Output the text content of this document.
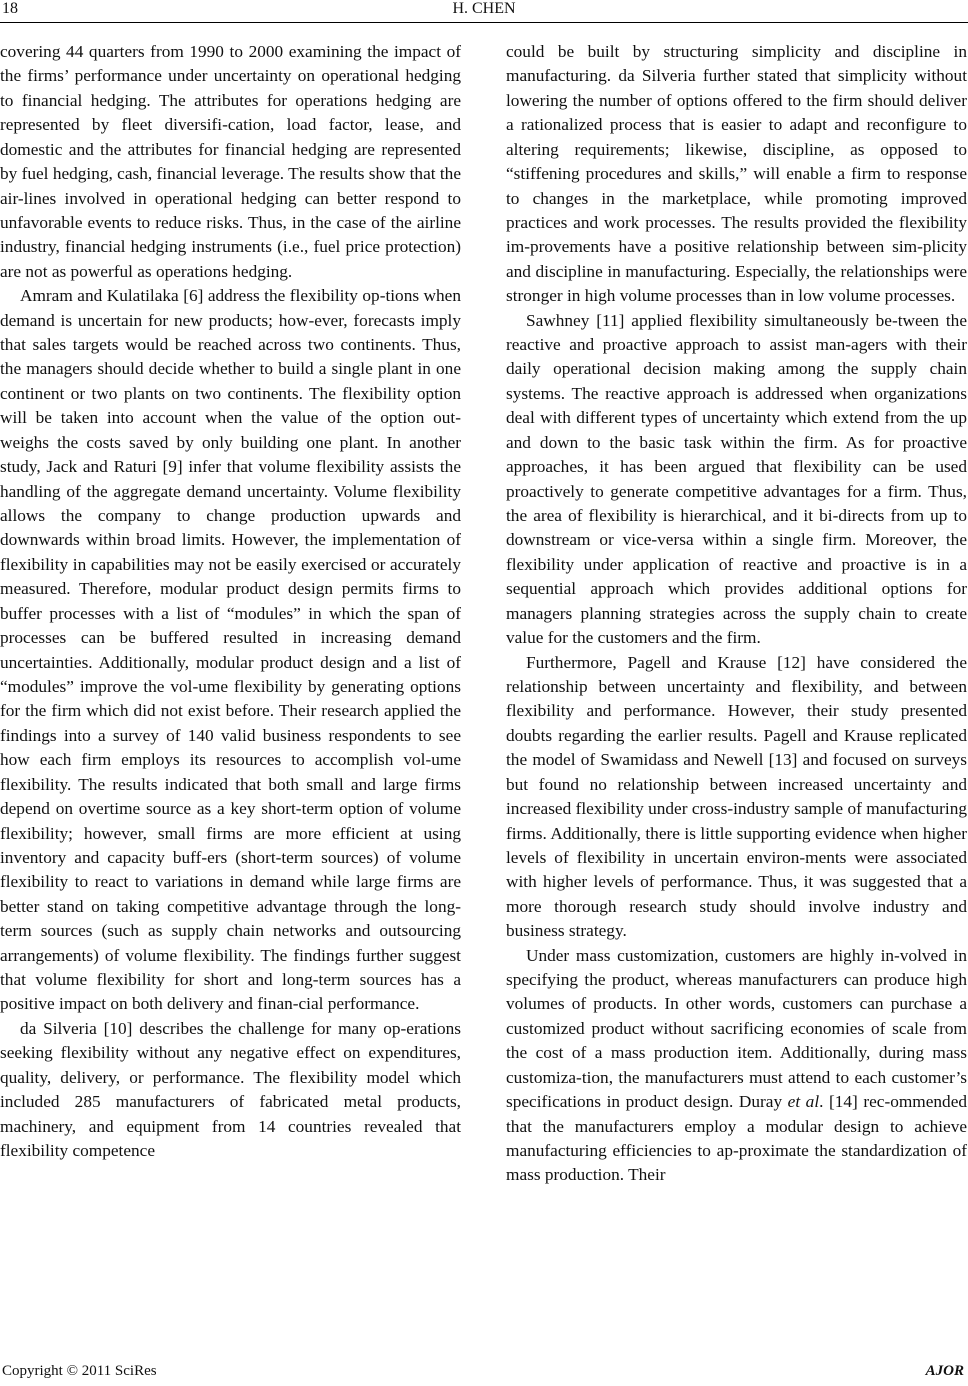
18	H. CHEN

covering 44 quarters from 1990 to 2000 examining the impact of the firms’ performance under uncertainty on operational hedging to financial hedging. The attributes for operations hedging are represented by fleet diversifi-cation, load factor, lease, and domestic and the attributes for financial hedging are represented by fuel hedging, cash, financial leverage. The results show that the air-lines involved in operational hedging can better respond to unfavorable events to reduce risks. Thus, in the case of the airline industry, financial hedging instruments (i.e., fuel price protection) are not as powerful as operations hedging.

Amram and Kulatilaka [6] address the flexibility op-tions when demand is uncertain for new products; how-ever, forecasts imply that sales targets would be reached across two continents. Thus, the managers should decide whether to build a single plant in one continent or two plants on two continents. The flexibility option will be taken into account when the value of the option out-weighs the costs saved by only building one plant. In another study, Jack and Raturi [9] infer that volume flexibility assists the handling of the aggregate demand uncertainty. Volume flexibility allows the company to change production upwards and downwards within broad limits. However, the implementation of flexibility in capabilities may not be easily exercised or accurately measured. Therefore, modular product design permits firms to buffer processes with a list of “modules” in which the span of processes can be buffered resulted in increasing demand uncertainties. Additionally, modular product design and a list of “modules” improve the vol-ume flexibility by generating options for the firm which did not exist before. Their research applied the findings into a survey of 140 valid business respondents to see how each firm employs its resources to accomplish vol-ume flexibility. The results indicated that both small and large firms depend on overtime source as a key short-term option of volume flexibility; however, small firms are more efficient at using inventory and capacity buff-ers (short-term sources) of volume flexibility to react to variations in demand while large firms are better stand on taking competitive advantage through the long-term sources (such as supply chain networks and outsourcing arrangements) of volume flexibility. The findings further suggest that volume flexibility for short and long-term sources has a positive impact on both delivery and finan-cial performance.

da Silveria [10] describes the challenge for many op-erations seeking flexibility without any negative effect on expenditures, quality, delivery, or performance. The flexibility model which included 285 manufacturers of fabricated metal products, machinery, and equipment from 14 countries revealed that flexibility competence

could be built by structuring simplicity and discipline in manufacturing. da Silveria further stated that simplicity without lowering the number of options offered to the firm should deliver a rationalized process that is easier to adapt and reconfigure to altering requirements; likewise, discipline, as opposed to “stiffening procedures and skills,” will enable a firm to response to changes in the marketplace, while promoting improved practices and work processes. The results provided the flexibility im-provements have a positive relationship between sim-plicity and discipline in manufacturing. Especially, the relationships were stronger in high volume processes than in low volume processes.

Sawhney [11] applied flexibility simultaneously be-tween the reactive and proactive approach to assist man-agers with their daily operational decision making among the supply chain systems. The reactive approach is addressed when organizations deal with different types of uncertainty which extend from the up and down to the basic task within the firm. As for proactive approaches, it has been argued that flexibility can be used proactively to generate competitive advantages for a firm. Thus, the area of flexibility is hierarchical, and it bi-directs from up to downstream or vice-versa within a single firm. Moreover, the flexibility under application of reactive and proactive is in a sequential approach which provides additional options for managers planning strategies across the supply chain to create value for the customers and the firm.

Furthermore, Pagell and Krause [12] have considered the relationship between uncertainty and flexibility, and between flexibility and performance. However, their study presented doubts regarding the earlier results. Pagell and Krause replicated the model of Swamidass and Newell [13] and focused on surveys but found no relationship between increased uncertainty and increased flexibility under cross-industry sample of manufacturing firms. Additionally, there is little supporting evidence when higher levels of flexibility in uncertain environ-ments were associated with higher levels of performance. Thus, it was suggested that a more thorough research study should involve industry and business strategy.

Under mass customization, customers are highly in-volved in specifying the product, whereas manufacturers can produce high volumes of products. In other words, customers can purchase a customized product without sacrificing economies of scale from the cost of a mass production item. Additionally, during mass customiza-tion, the manufacturers must attend to each customer’s specifications in product design. Duray et al. [14] rec-ommended that the manufacturers employ a modular design to achieve manufacturing efficiencies to ap-proximate the standardization of mass production. Their

Copyright © 2011 SciRes	AJOR
